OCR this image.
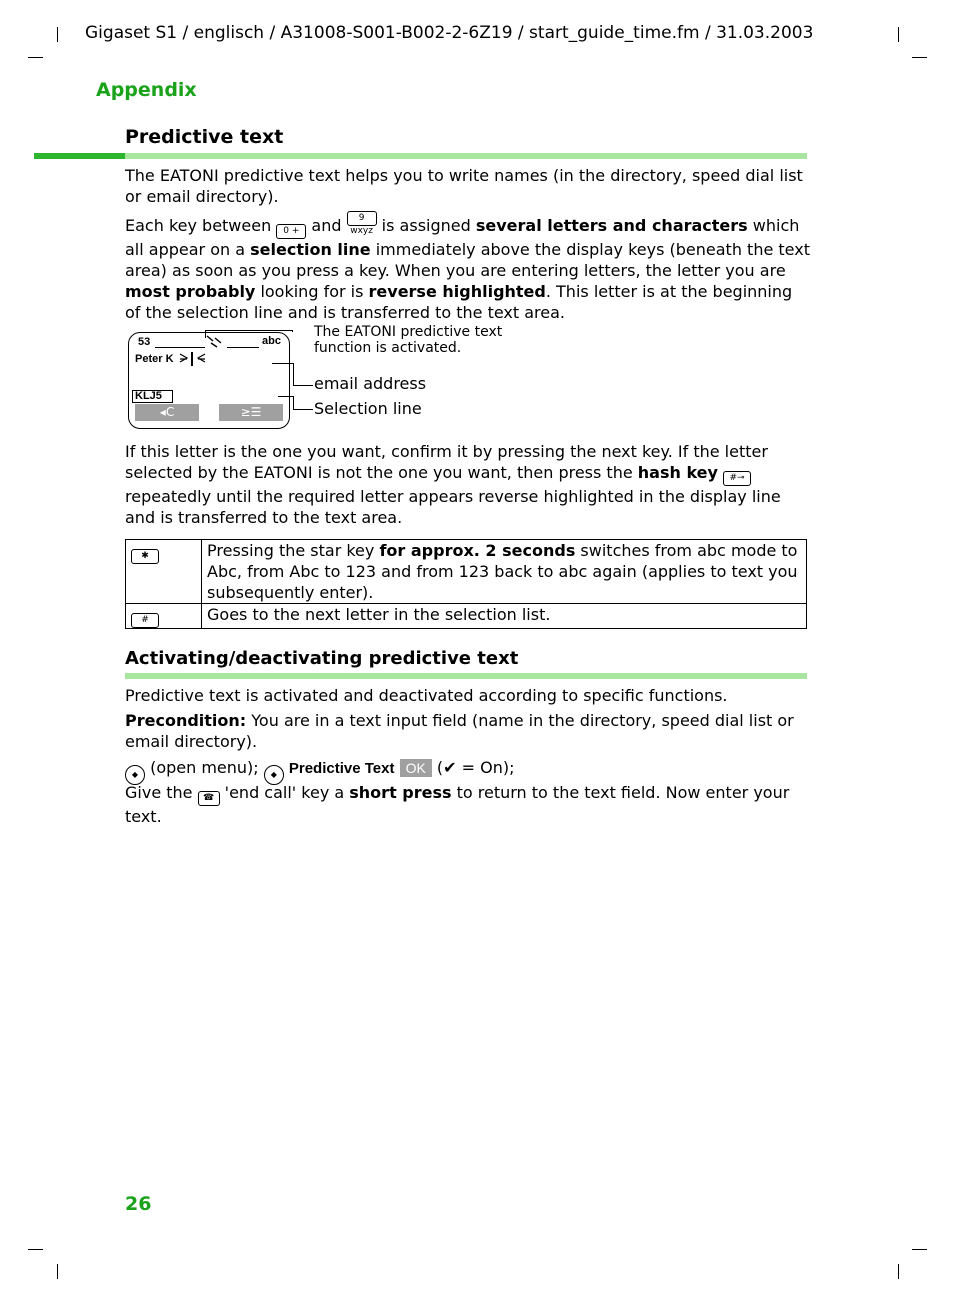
Gigaset S1 / englisch / A31008-S001-B002-2-6Z19 / start_guide_time.fm / 31.03.2003
Appendix
Predictive text

The EATONI predictive text helps you to write names (in the directory, speed dial list or email directory).

Each key between 0 + and 9 wxyz is assigned several letters and characters which all appear on a selection line immediately above the display keys (beneath the text area) as soon as you press a key. When you are entering letters, the letter you are most probably looking for is reverse highlighted. This letter is at the beginning of the selection line and is transferred to the text area.

53	abc
Peter K
KLJ5
◂C	≥☰
The EATONI predictive text function is activated.
email address
Selection line

If this letter is the one you want, confirm it by pressing the next key. If the letter selected by the EATONI is not the one you want, then press the hash key #⊸ repeatedly until the required letter appears reverse highlighted in the display line and is transferred to the text area.

✱	Pressing the star key for approx. 2 seconds switches from abc mode to Abc, from Abc to 123 and from 123 back to abc again (applies to text you subsequently enter).
#	Goes to the next letter in the selection list.
Activating/deactivating predictive text

Predictive text is activated and deactivated according to specific functions.

Precondition: You are in a text input field (name in the directory, speed dial list or email directory).

◆ (open menu); ◆ Predictive Text OK (✔ = On);

Give the ☎ 'end call' key a short press to return to the text field. Now enter your text.

26
